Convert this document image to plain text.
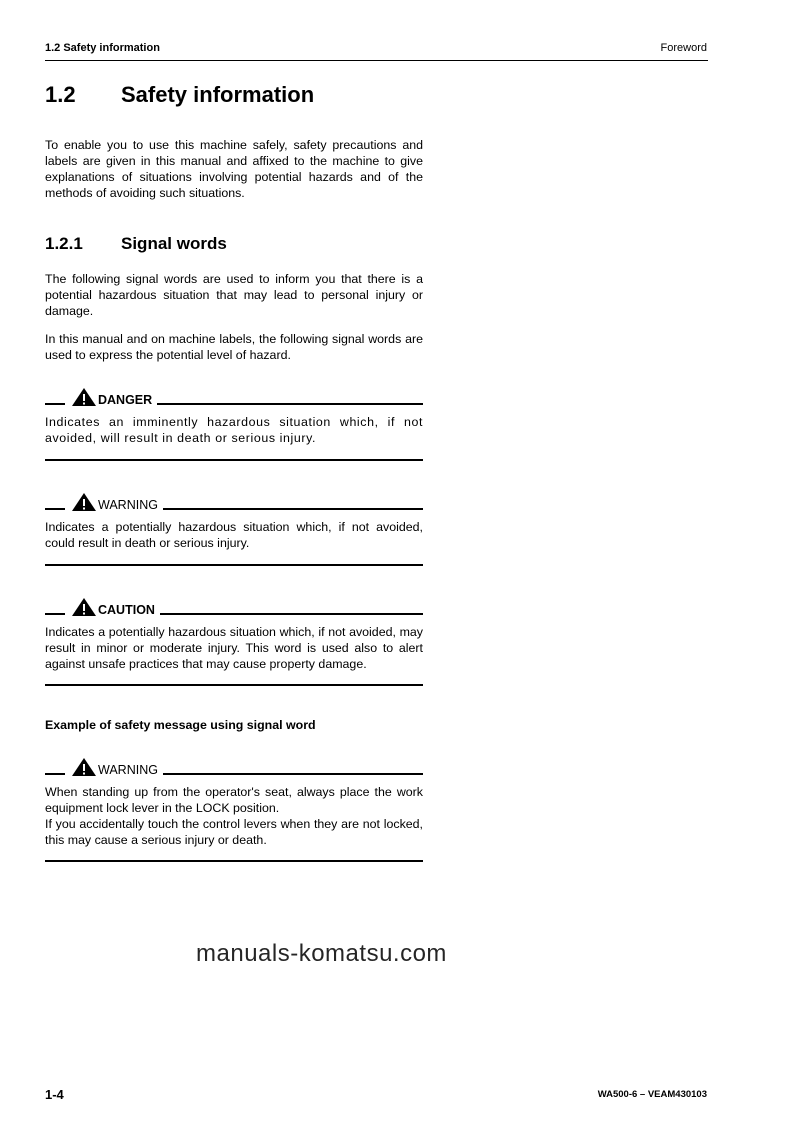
1.2 Safety information	Foreword
1.2 Safety information
To enable you to use this machine safely, safety precautions and labels are given in this manual and affixed to the machine to give explanations of situations involving potential hazards and of the methods of avoiding such situations.
1.2.1 Signal words
The following signal words are used to inform you that there is a potential hazardous situation that may lead to personal injury or damage.
In this manual and on machine labels, the following signal words are used to express the potential level of hazard.
DANGER
Indicates an imminently hazardous situation which, if not avoided, will result in death or serious injury.
WARNING
Indicates a potentially hazardous situation which, if not avoided, could result in death or serious injury.
CAUTION
Indicates a potentially hazardous situation which, if not avoided, may result in minor or moderate injury. This word is used also to alert against unsafe practices that may cause property damage.
Example of safety message using signal word
WARNING
When standing up from the operator's seat, always place the work equipment lock lever in the LOCK position.
If you accidentally touch the control levers when they are not locked, this may cause a serious injury or death.
manuals-komatsu.com
1-4	WA500-6 – VEAM430103
